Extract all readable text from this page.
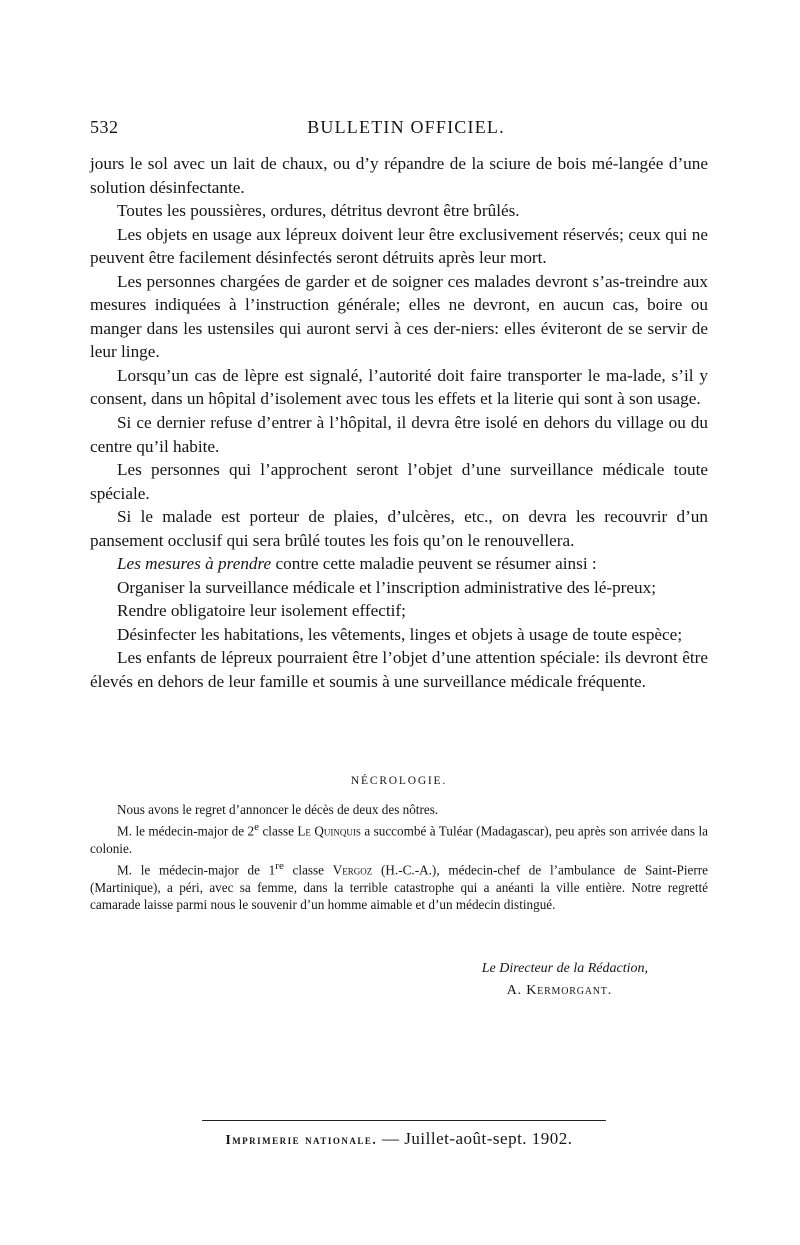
532	BULLETIN OFFICIEL.

jours le sol avec un lait de chaux, ou d’y répandre de la sciure de bois mé-langée d’une solution désinfectante.

Toutes les poussières, ordures, détritus devront être brûlés.

Les objets en usage aux lépreux doivent leur être exclusivement réservés; ceux qui ne peuvent être facilement désinfectés seront détruits après leur mort.

Les personnes chargées de garder et de soigner ces malades devront s’as-treindre aux mesures indiquées à l’instruction générale; elles ne devront, en aucun cas, boire ou manger dans les ustensiles qui auront servi à ces der-niers: elles éviteront de se servir de leur linge.

Lorsqu’un cas de lèpre est signalé, l’autorité doit faire transporter le ma-lade, s’il y consent, dans un hôpital d’isolement avec tous les effets et la literie qui sont à son usage.

Si ce dernier refuse d’entrer à l’hôpital, il devra être isolé en dehors du village ou du centre qu’il habite.

Les personnes qui l’approchent seront l’objet d’une surveillance médicale toute spéciale.

Si le malade est porteur de plaies, d’ulcères, etc., on devra les recouvrir d’un pansement occlusif qui sera brûlé toutes les fois qu’on le renouvellera.

Les mesures à prendre contre cette maladie peuvent se résumer ainsi :

Organiser la surveillance médicale et l’inscription administrative des lé-preux;

Rendre obligatoire leur isolement effectif;

Désinfecter les habitations, les vêtements, linges et objets à usage de toute espèce;

Les enfants de lépreux pourraient être l’objet d’une attention spéciale: ils devront être élevés en dehors de leur famille et soumis à une surveillance médicale fréquente.

NÉCROLOGIE.

Nous avons le regret d’annoncer le décès de deux des nôtres.

M. le médecin-major de 2e classe Le Quinquis a succombé à Tuléar (Madagascar), peu après son arrivée dans la colonie.

M. le médecin-major de 1re classe Vergoz (H.-C.-A.), médecin-chef de l’ambulance de Saint-Pierre (Martinique), a péri, avec sa femme, dans la terrible catastrophe qui a anéanti la ville entière. Notre regretté camarade laisse parmi nous le souvenir d’un homme aimable et d’un médecin distingué.

Le Directeur de la Rédaction,
A. Kermorgant.
Imprimerie nationale. — Juillet-août-sept. 1902.
